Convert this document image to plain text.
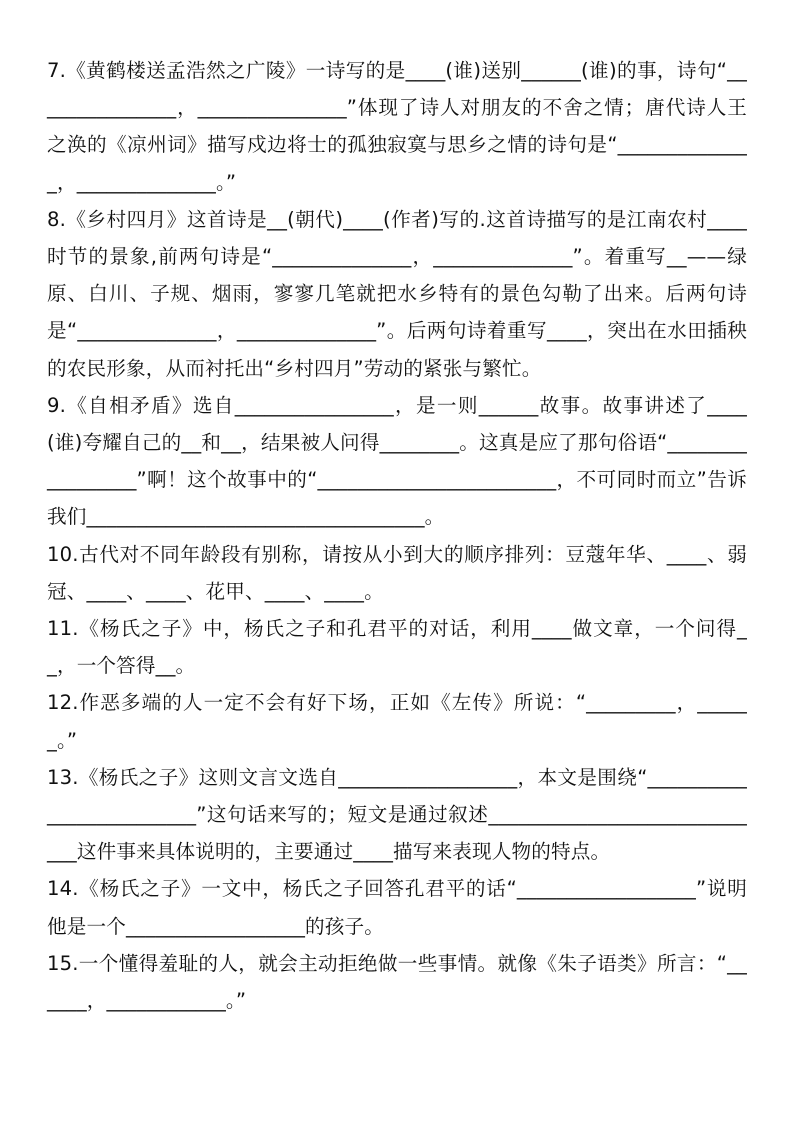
7.《黄鹤楼送孟浩然之广陵》一诗写的是____(谁)送别______(谁)的事，诗句“_______________，_______________”体现了诗人对朋友的不舍之情；唐代诗人王之涣的《凉州词》描写戍边将士的孤独寂寞与思乡之情的诗句是“______________，______________。”

8.《乡村四月》这首诗是__(朝代)____(作者)写的.这首诗描写的是江南农村____时节的景象,前两句诗是“______________，______________”。着重写__——绿原、白川、子规、烟雨，寥寥几笔就把水乡特有的景色勾勒了出来。后两句诗是“______________，______________”。后两句诗着重写____，突出在水田插秧的农民形象，从而衬托出“乡村四月”劳动的紧张与繁忙。

9.《自相矛盾》选自________________，是一则______故事。故事讲述了____(谁)夸耀自己的__和__，结果被人问得________。这真是应了那句俗语“_________________”啊！这个故事中的“________________________，不可同时而立”告诉我们__________________________________。

10.古代对不同年龄段有别称，请按从小到大的顺序排列：豆蔻年华、____、弱冠、____、____、花甲、____、____。

11.《杨氏之子》中，杨氏之子和孔君平的对话，利用____做文章，一个问得__，一个答得__。

12.作恶多端的人一定不会有好下场，正如《左传》所说：“_________，______。”

13.《杨氏之子》这则文言文选自__________________，本文是围绕“_________________________”这句话来写的；短文是通过叙述_____________________________这件事来具体说明的，主要通过____描写来表现人物的特点。

14.《杨氏之子》一文中，杨氏之子回答孔君平的话“__________________”说明他是一个__________________的孩子。

15.一个懂得羞耻的人，就会主动拒绝做一些事情。就像《朱子语类》所言：“______，____________。”
